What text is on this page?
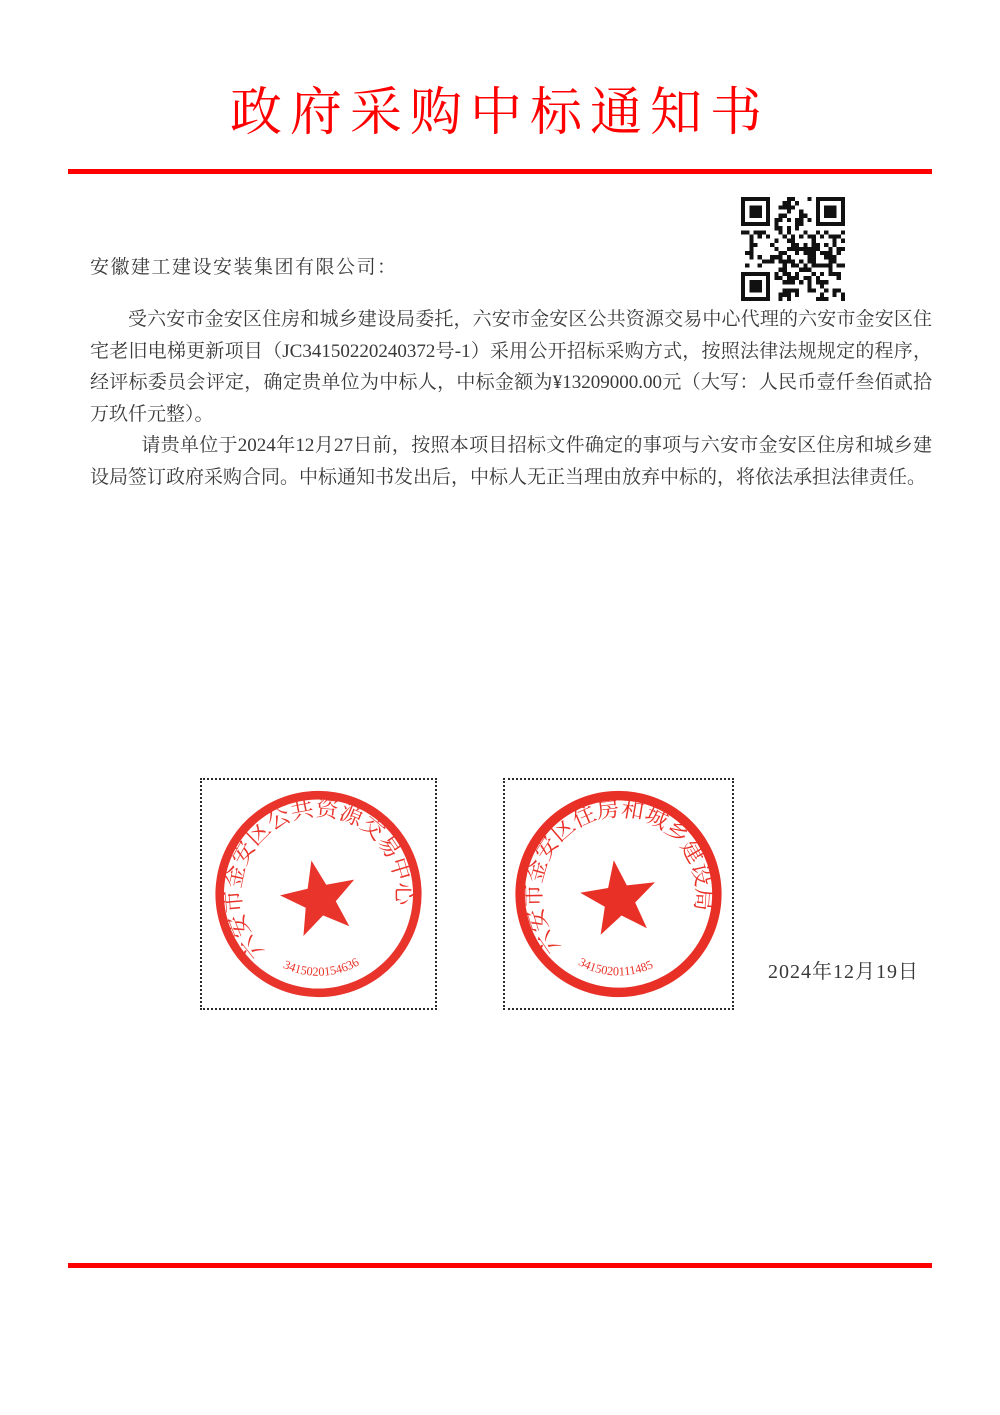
政府采购中标通知书
安徽建工建设安装集团有限公司：

受六安市金安区住房和城乡建设局委托，六安市金安区公共资源交易中心代理的六安市金安区住宅老旧电梯更新项目（JC34150220240372号-1）采用公开招标采购方式，按照法律法规规定的程序，经评标委员会评定，确定贵单位为中标人，中标金额为¥13209000.00元（大写：人民币壹仟叁佰贰拾万玖仟元整）。

请贵单位于2024年12月27日前，按照本项目招标文件确定的事项与六安市金安区住房和城乡建设局签订政府采购合同。中标通知书发出后，中标人无正当理由放弃中标的，将依法承担法律责任。

六安市金安区公共资源交易中心
3415020154636
六安市金安区住房和城乡建设局
3415020111485	2024年12月19日
